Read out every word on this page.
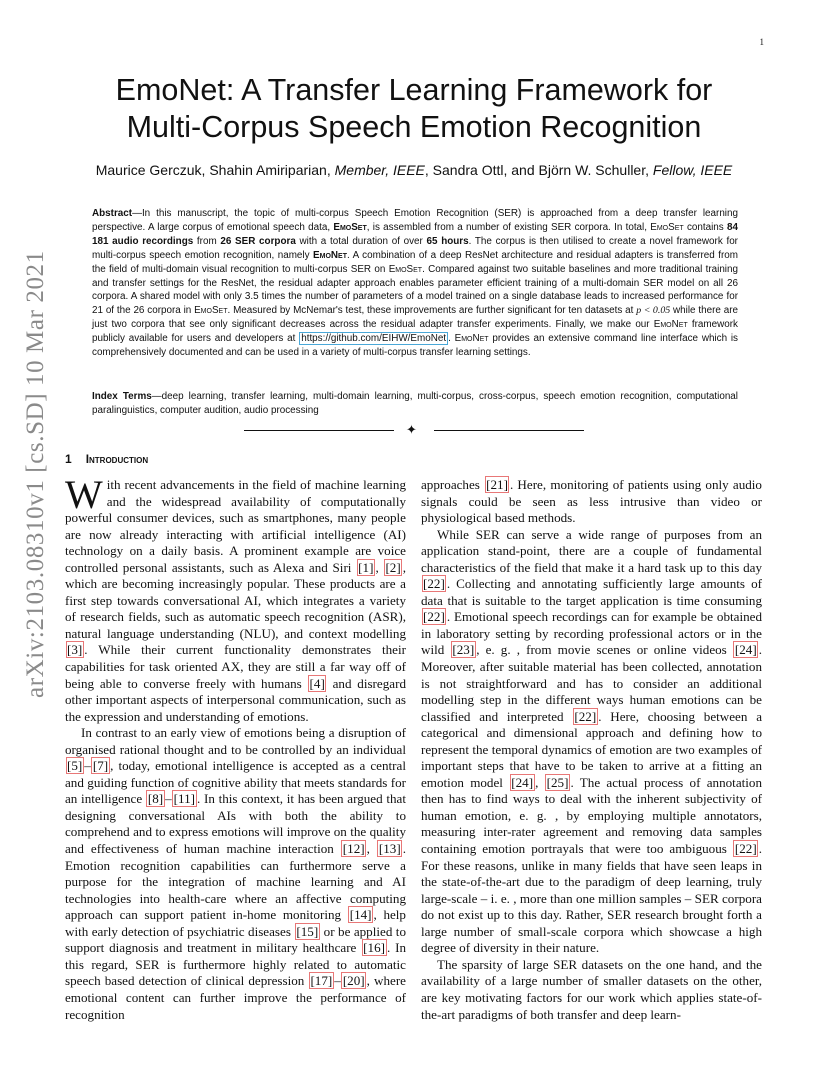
1
arXiv:2103.08310v1 [cs.SD] 10 Mar 2021
EmoNet: A Transfer Learning Framework for
Multi-Corpus Speech Emotion Recognition
Maurice Gerczuk, Shahin Amiriparian, Member, IEEE, Sandra Ottl, and Björn W. Schuller, Fellow, IEEE
Abstract—In this manuscript, the topic of multi-corpus Speech Emotion Recognition (SER) is approached from a deep transfer learning perspective. A large corpus of emotional speech data, EmoSet, is assembled from a number of existing SER corpora. In total, EmoSet contains 84 181 audio recordings from 26 SER corpora with a total duration of over 65 hours. The corpus is then utilised to create a novel framework for multi-corpus speech emotion recognition, namely EmoNet. A combination of a deep ResNet architecture and residual adapters is transferred from the field of multi-domain visual recognition to multi-corpus SER on EmoSet. Compared against two suitable baselines and more traditional training and transfer settings for the ResNet, the residual adapter approach enables parameter efficient training of a multi-domain SER model on all 26 corpora. A shared model with only 3.5 times the number of parameters of a model trained on a single database leads to increased performance for 21 of the 26 corpora in EmoSet. Measured by McNemar's test, these improvements are further significant for ten datasets at p < 0.05 while there are just two corpora that see only significant decreases across the residual adapter transfer experiments. Finally, we make our EmoNet framework publicly available for users and developers at https://github.com/EIHW/EmoNet . EmoNet provides an extensive command line interface which is comprehensively documented and can be used in a variety of multi-corpus transfer learning settings.
Index Terms—deep learning, transfer learning, multi-domain learning, multi-corpus, cross-corpus, speech emotion recognition, computational paralinguistics, computer audition, audio processing
✦
1 Introduction

With recent advancements in the field of machine learning and the widespread availability of computationally powerful consumer devices, such as smartphones, many people are now already interacting with artificial intelligence (AI) technology on a daily basis. A prominent example are voice controlled personal assistants, such as Alexa and Siri [1] , [2] , which are becoming increasingly popular. These products are a first step towards conversational AI, which integrates a variety of research fields, such as automatic speech recognition (ASR), natural language understanding (NLU), and context modelling [3] . While their current functionality demonstrates their capabilities for task oriented AX, they are still a far way off of being able to converse freely with humans [4] and disregard other important aspects of interpersonal communication, such as the expression and understanding of emotions.

In contrast to an early view of emotions being a disruption of organised rational thought and to be controlled by an individual [5] – [7] , today, emotional intelligence is accepted as a central and guiding function of cognitive ability that meets standards for an intelligence [8] – [11] . In this context, it has been argued that designing conversational AIs with both the ability to comprehend and to express emotions will improve on the quality and effectiveness of human machine interaction [12] , [13] . Emotion recognition capabilities can furthermore serve a purpose for the integration of machine learning and AI technologies into health-care where an affective computing approach can support patient in-home monitoring [14] , help with early detection of psychiatric diseases [15] or be applied to support diagnosis and treatment in military healthcare [16] . In this regard, SER is furthermore highly related to automatic speech based detection of clinical depression [17] – [20] , where emotional content can further improve the performance of recognition

approaches [21] . Here, monitoring of patients using only audio signals could be seen as less intrusive than video or physiological based methods.

While SER can serve a wide range of purposes from an application stand-point, there are a couple of fundamental characteristics of the field that make it a hard task up to this day [22] . Collecting and annotating sufficiently large amounts of data that is suitable to the target application is time consuming [22] . Emotional speech recordings can for example be obtained in laboratory setting by recording professional actors or in the wild [23] , e. g. , from movie scenes or online videos [24] . Moreover, after suitable material has been collected, annotation is not straightforward and has to consider an additional modelling step in the different ways human emotions can be classified and interpreted [22] . Here, choosing between a categorical and dimensional approach and defining how to represent the temporal dynamics of emotion are two examples of important steps that have to be taken to arrive at a fitting an emotion model [24] , [25] . The actual process of annotation then has to find ways to deal with the inherent subjectivity of human emotion, e. g. , by employing multiple annotators, measuring inter-rater agreement and removing data samples containing emotion portrayals that were too ambiguous [22] . For these reasons, unlike in many fields that have seen leaps in the state-of-the-art due to the paradigm of deep learning, truly large-scale – i. e. , more than one million samples – SER corpora do not exist up to this day. Rather, SER research brought forth a large number of small-scale corpora which showcase a high degree of diversity in their nature.

The sparsity of large SER datasets on the one hand, and the availability of a large number of smaller datasets on the other, are key motivating factors for our work which applies state-of-the-art paradigms of both transfer and deep learn-
